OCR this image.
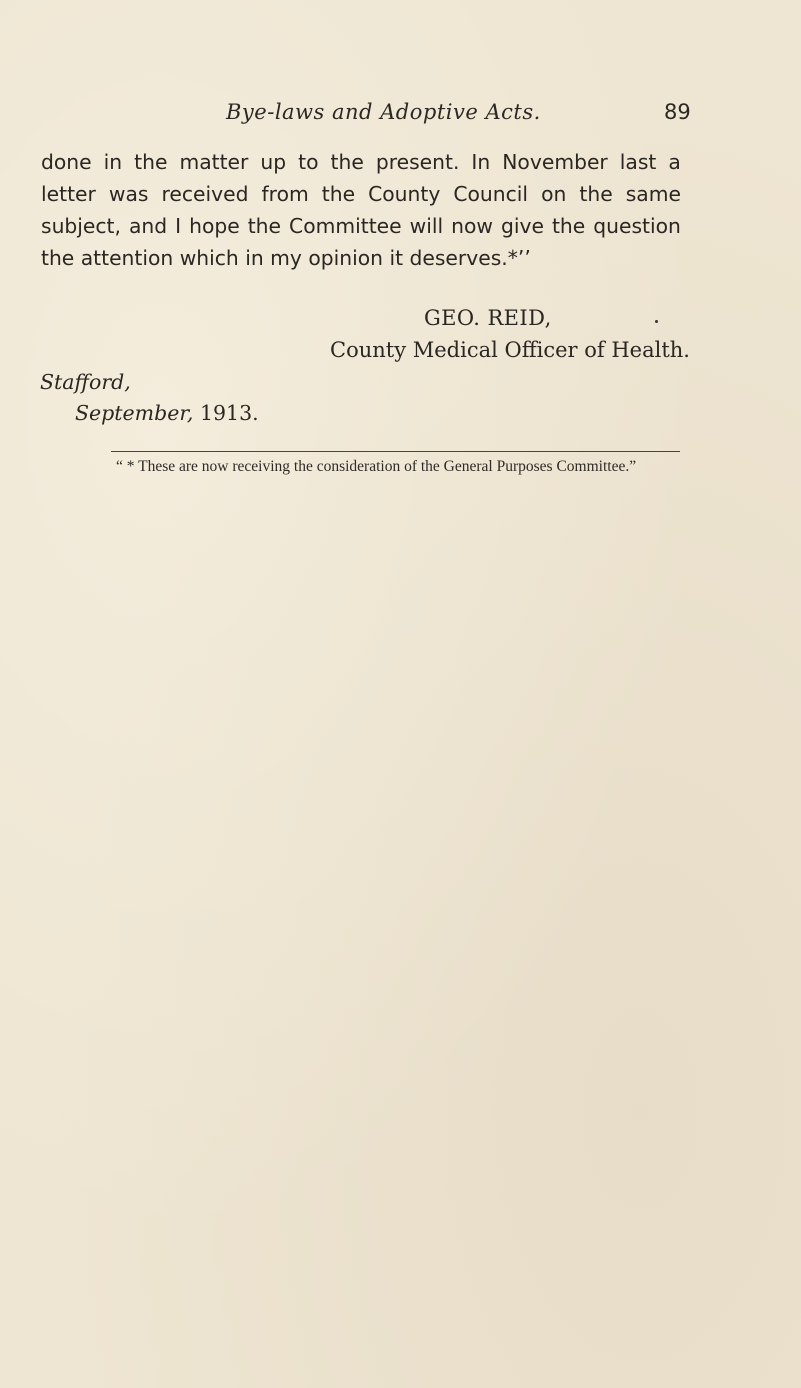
Bye-laws and Adoptive Acts.	89
done in the matter up to the present. In November last a
letter was received from the County Council on the same
subject, and I hope the Committee will now give the question
the attention which in my opinion it deserves.*’’
GEO. REID,
County Medical Officer of Health.
Stafford,
September, 1913.
“ * These are now receiving the consideration of the General Purposes Committee.”
